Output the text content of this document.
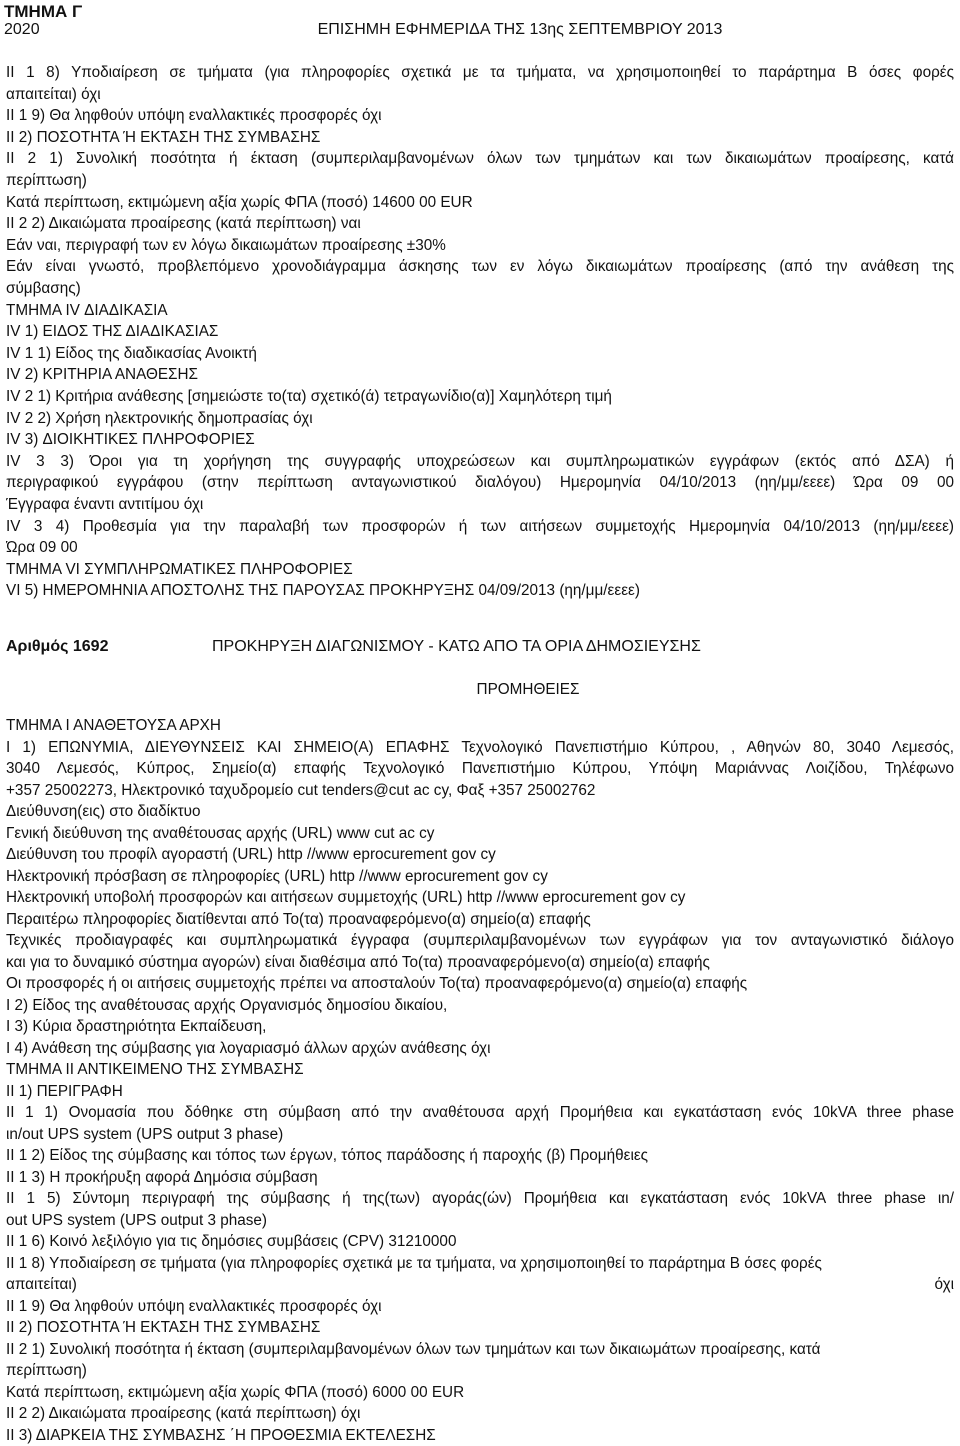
ΤΜΗΜΑ Γ
2020	ΕΠΙΣΗΜΗ ΕΦΗΜΕΡΙΔΑ ΤΗΣ 13ης ΣΕΠΤΕΜΒΡΙΟΥ 2013
ΙΙ 1 8) Υποδιαίρεση σε τμήματα (για πληροφορίες σχετικά με τα τμήματα, να χρησιμοποιηθεί το παράρτημα Β όσες φορές
απαιτείται) όχι
ΙΙ 1 9) Θα ληφθούν υπόψη εναλλακτικές προσφορές όχι
ΙΙ 2) ΠΟΣΟΤΗΤΑ Ή ΕΚΤΑΣΗ ΤΗΣ ΣΥΜΒΑΣΗΣ
ΙΙ 2 1) Συνολική ποσότητα ή έκταση (συμπεριλαμβανομένων όλων των τμημάτων και των δικαιωμάτων προαίρεσης, κατά
περίπτωση)
Κατά περίπτωση, εκτιμώμενη αξία χωρίς ΦΠΑ (ποσό) 14600 00 EUR
ΙΙ 2 2) Δικαιώματα προαίρεσης (κατά περίπτωση) ναι
Εάν ναι, περιγραφή των εν λόγω δικαιωμάτων προαίρεσης ±30%
Εάν είναι γνωστό, προβλεπόμενο χρονοδιάγραμμα άσκησης των εν λόγω δικαιωμάτων προαίρεσης (από την ανάθεση της
σύμβασης)
ΤΜΗΜΑ IV ΔΙΑΔΙΚΑΣΙΑ
IV 1) ΕΙΔΟΣ ΤΗΣ ΔΙΑΔΙΚΑΣΙΑΣ
IV 1 1) Είδος της διαδικασίας Ανοικτή
IV 2) ΚΡΙΤΗΡΙΑ ΑΝΑΘΕΣΗΣ
IV 2 1) Κριτήρια ανάθεσης [σημειώστε το(τα) σχετικό(ά) τετραγωνίδιο(α)] Χαμηλότερη τιμή
IV 2 2) Χρήση ηλεκτρονικής δημοπρασίας όχι
IV 3) ΔΙΟΙΚΗΤΙΚΕΣ ΠΛΗΡΟΦΟΡΙΕΣ
IV 3 3) Όροι για τη χορήγηση της συγγραφής υποχρεώσεων και συμπληρωματικών εγγράφων (εκτός από ΔΣΑ) ή
περιγραφικού εγγράφου (στην περίπτωση ανταγωνιστικού διαλόγου) Ημερομηνία 04/10/2013 (ηη/μμ/εεεε) Ώρα 09 00
Έγγραφα έναντι αντιτίμου όχι
IV 3 4) Προθεσμία για την παραλαβή των προσφορών ή των αιτήσεων συμμετοχής Ημερομηνία 04/10/2013 (ηη/μμ/εεεε)
Ώρα 09 00
ΤΜΗΜΑ VI ΣΥΜΠΛΗΡΩΜΑΤΙΚΕΣ ΠΛΗΡΟΦΟΡΙΕΣ
VI 5) ΗΜΕΡΟΜΗΝΙΑ ΑΠΟΣΤΟΛΗΣ ΤΗΣ ΠΑΡΟΥΣΑΣ ΠΡΟΚΗΡΥΞΗΣ 04/09/2013 (ηη/μμ/εεεε)
Αριθμός 1692	ΠΡΟΚΗΡΥΞΗ ΔΙΑΓΩΝΙΣΜΟΥ - ΚΑΤΩ ΑΠΟ ΤΑ ΟΡΙΑ ΔΗΜΟΣΙΕΥΣΗΣ
ΠΡΟΜΗΘΕΙΕΣ
ΤΜΗΜΑ Ι ΑΝΑΘΕΤΟΥΣΑ ΑΡΧΗ
Ι 1) ΕΠΩΝΥΜΙΑ, ΔΙΕΥΘΥΝΣΕΙΣ ΚΑΙ ΣΗΜΕΙΟ(Α) ΕΠΑΦΗΣ Τεχνολογικό Πανεπιστήμιο Κύπρου, , Αθηνών 80, 3040 Λεμεσός,
3040 Λεμεσός, Κύπρος, Σημείο(α) επαφής Τεχνολογικό Πανεπιστήμιο Κύπρου, Υπόψη Μαριάννας Λοιζίδου, Τηλέφωνο
+357 25002273, Ηλεκτρονικό ταχυδρομείο cut tenders@cut ac cy, Φαξ +357 25002762
Διεύθυνση(εις) στο διαδίκτυο
Γενική διεύθυνση της αναθέτουσας αρχής (URL) www cut ac cy
Διεύθυνση του προφίλ αγοραστή (URL) http //www eprocurement gov cy
Ηλεκτρονική πρόσβαση σε πληροφορίες (URL) http //www eprocurement gov cy
Ηλεκτρονική υποβολή προσφορών και αιτήσεων συμμετοχής (URL) http //www eprocurement gov cy
Περαιτέρω πληροφορίες διατίθενται από Το(τα) προαναφερόμενο(α) σημείο(α) επαφής
Τεχνικές προδιαγραφές και συμπληρωματικά έγγραφα (συμπεριλαμβανομένων των εγγράφων για τον ανταγωνιστικό διάλογο
και για το δυναμικό σύστημα αγορών) είναι διαθέσιμα από Το(τα) προαναφερόμενο(α) σημείο(α) επαφής
Οι προσφορές ή οι αιτήσεις συμμετοχής πρέπει να αποσταλούν Το(τα) προαναφερόμενο(α) σημείο(α) επαφής
Ι 2) Είδος της αναθέτουσας αρχής Οργανισμός δημοσίου δικαίου,
Ι 3) Κύρια δραστηριότητα Εκπαίδευση,
Ι 4) Ανάθεση της σύμβασης για λογαριασμό άλλων αρχών ανάθεσης όχι
ΤΜΗΜΑ ΙΙ ΑΝΤΙΚΕΙΜΕΝΟ ΤΗΣ ΣΥΜΒΑΣΗΣ
ΙΙ 1) ΠΕΡΙΓΡΑΦΗ
ΙΙ 1 1) Ονομασία που δόθηκε στη σύμβαση από την αναθέτουσα αρχή Προμήθεια και εγκατάσταση ενός 10kVA three phase
ιn/out UPS system (UPS output 3 phase)
ΙΙ 1 2) Είδος της σύμβασης και τόπος των έργων, τόπος παράδοσης ή παροχής (β) Προμήθειες
ΙΙ 1 3) Η προκήρυξη αφορά Δημόσια σύμβαση
ΙΙ 1 5) Σύντομη περιγραφή της σύμβασης ή της(των) αγοράς(ών) Προμήθεια και εγκατάσταση ενός 10kVA three phase ιn/
out UPS system (UPS output 3 phase)
ΙΙ 1 6) Κοινό λεξιλόγιο για τις δημόσιες συμβάσεις (CPV) 31210000
ΙΙ 1 8) Υποδιαίρεση σε τμήματα (για πληροφορίες σχετικά με τα τμήματα, να χρησιμοποιηθεί το παράρτημα Β όσες φορές
απαιτείται) όχι
ΙΙ 1 9) Θα ληφθούν υπόψη εναλλακτικές προσφορές όχι
ΙΙ 2) ΠΟΣΟΤΗΤΑ Ή ΕΚΤΑΣΗ ΤΗΣ ΣΥΜΒΑΣΗΣ
ΙΙ 2 1) Συνολική ποσότητα ή έκταση (συμπεριλαμβανομένων όλων των τμημάτων και των δικαιωμάτων προαίρεσης, κατά
περίπτωση)
Κατά περίπτωση, εκτιμώμενη αξία χωρίς ΦΠΑ (ποσό) 6000 00 EUR
ΙΙ 2 2) Δικαιώματα προαίρεσης (κατά περίπτωση) όχι
ΙΙ 3) ΔΙΑΡΚΕΙΑ ΤΗΣ ΣΥΜΒΑΣΗΣ ΄Η ΠΡΟΘΕΣΜΙΑ ΕΚΤΕΛΕΣΗΣ
